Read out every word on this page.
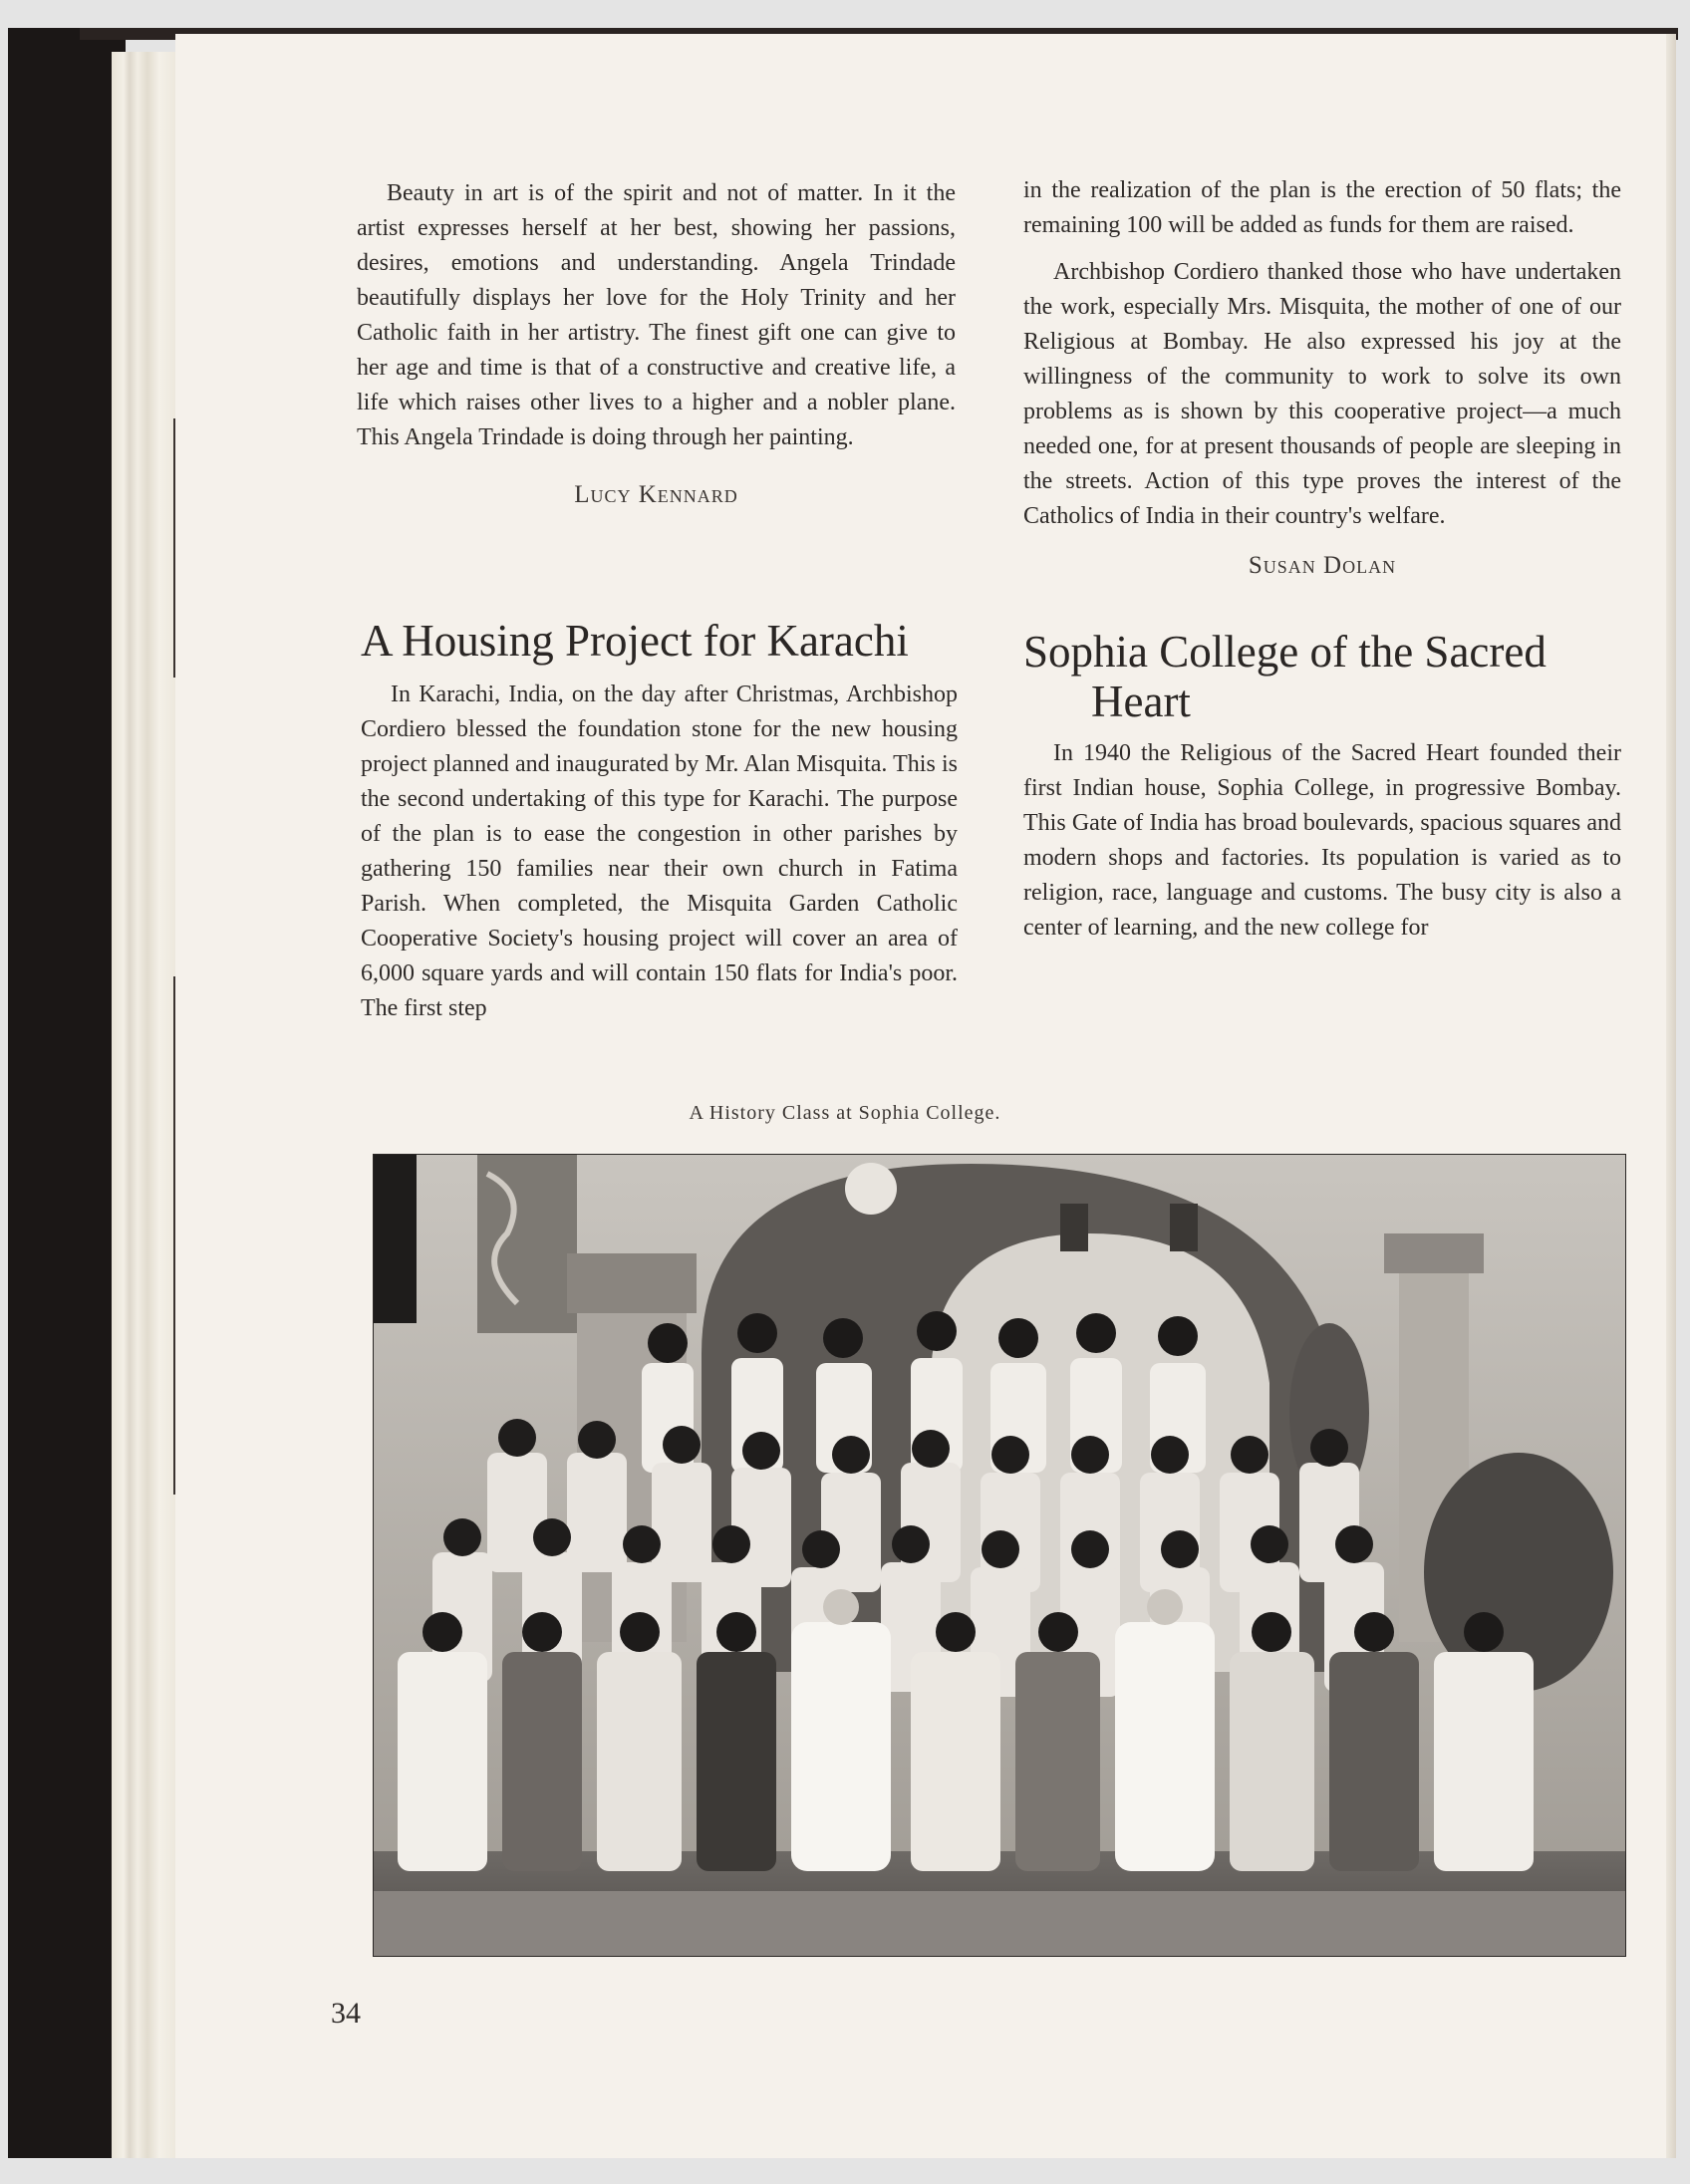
Beauty in art is of the spirit and not of matter. In it the artist expresses herself at her best, showing her passions, desires, emotions and understanding. Angela Trindade beautifully displays her love for the Holy Trinity and her Catholic faith in her artistry. The finest gift one can give to her age and time is that of a constructive and creative life, a life which raises other lives to a higher and a nobler plane. This Angela Trindade is doing through her painting.

Lucy Kennard
A Housing Project for Karachi

In Karachi, India, on the day after Christmas, Archbishop Cordiero blessed the foundation stone for the new housing project planned and inaugurated by Mr. Alan Misquita. This is the second undertaking of this type for Karachi. The purpose of the plan is to ease the congestion in other parishes by gathering 150 families near their own church in Fatima Parish. When completed, the Misquita Garden Catholic Cooperative Society's housing project will cover an area of 6,000 square yards and will contain 150 flats for India's poor. The first step

in the realization of the plan is the erection of 50 flats; the remaining 100 will be added as funds for them are raised.

Archbishop Cordiero thanked those who have undertaken the work, especially Mrs. Misquita, the mother of one of our Religious at Bombay. He also expressed his joy at the willingness of the community to work to solve its own problems as is shown by this cooperative project—a much needed one, for at present thousands of people are sleeping in the streets. Action of this type proves the interest of the Catholics of India in their country's welfare.

Susan Dolan
Sophia College of the Sacred
Heart

In 1940 the Religious of the Sacred Heart founded their first Indian house, Sophia College, in progressive Bombay. This Gate of India has broad boulevards, spacious squares and modern shops and factories. Its population is varied as to religion, race, language and customs. The busy city is also a center of learning, and the new college for

A History Class at Sophia College.
34
